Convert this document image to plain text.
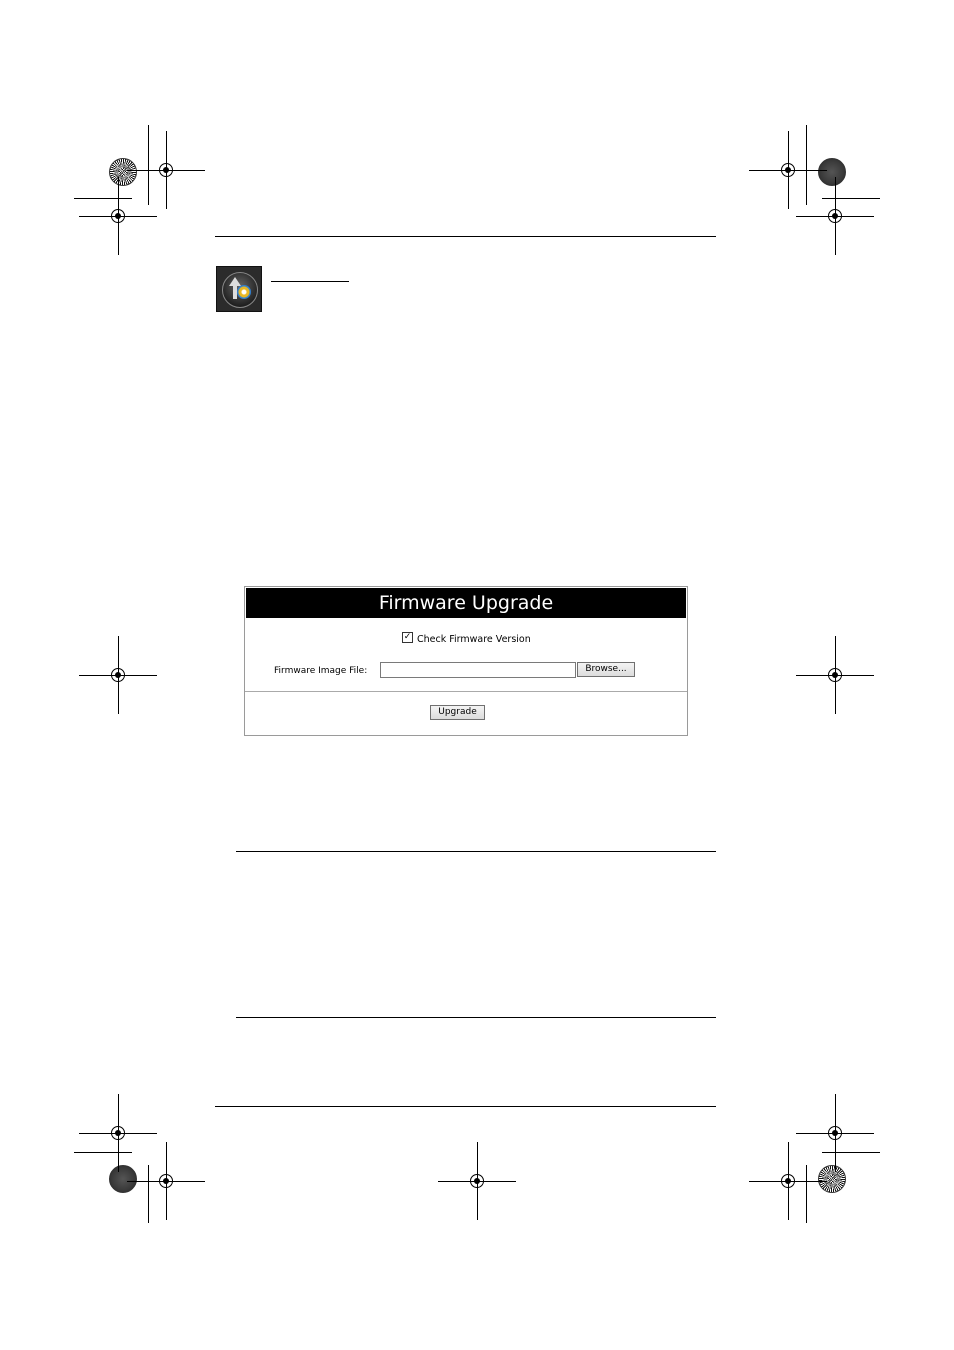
Firmware Upgrade
✓ Check Firmware Version
Firmware Image File:	Browse...
Upgrade
